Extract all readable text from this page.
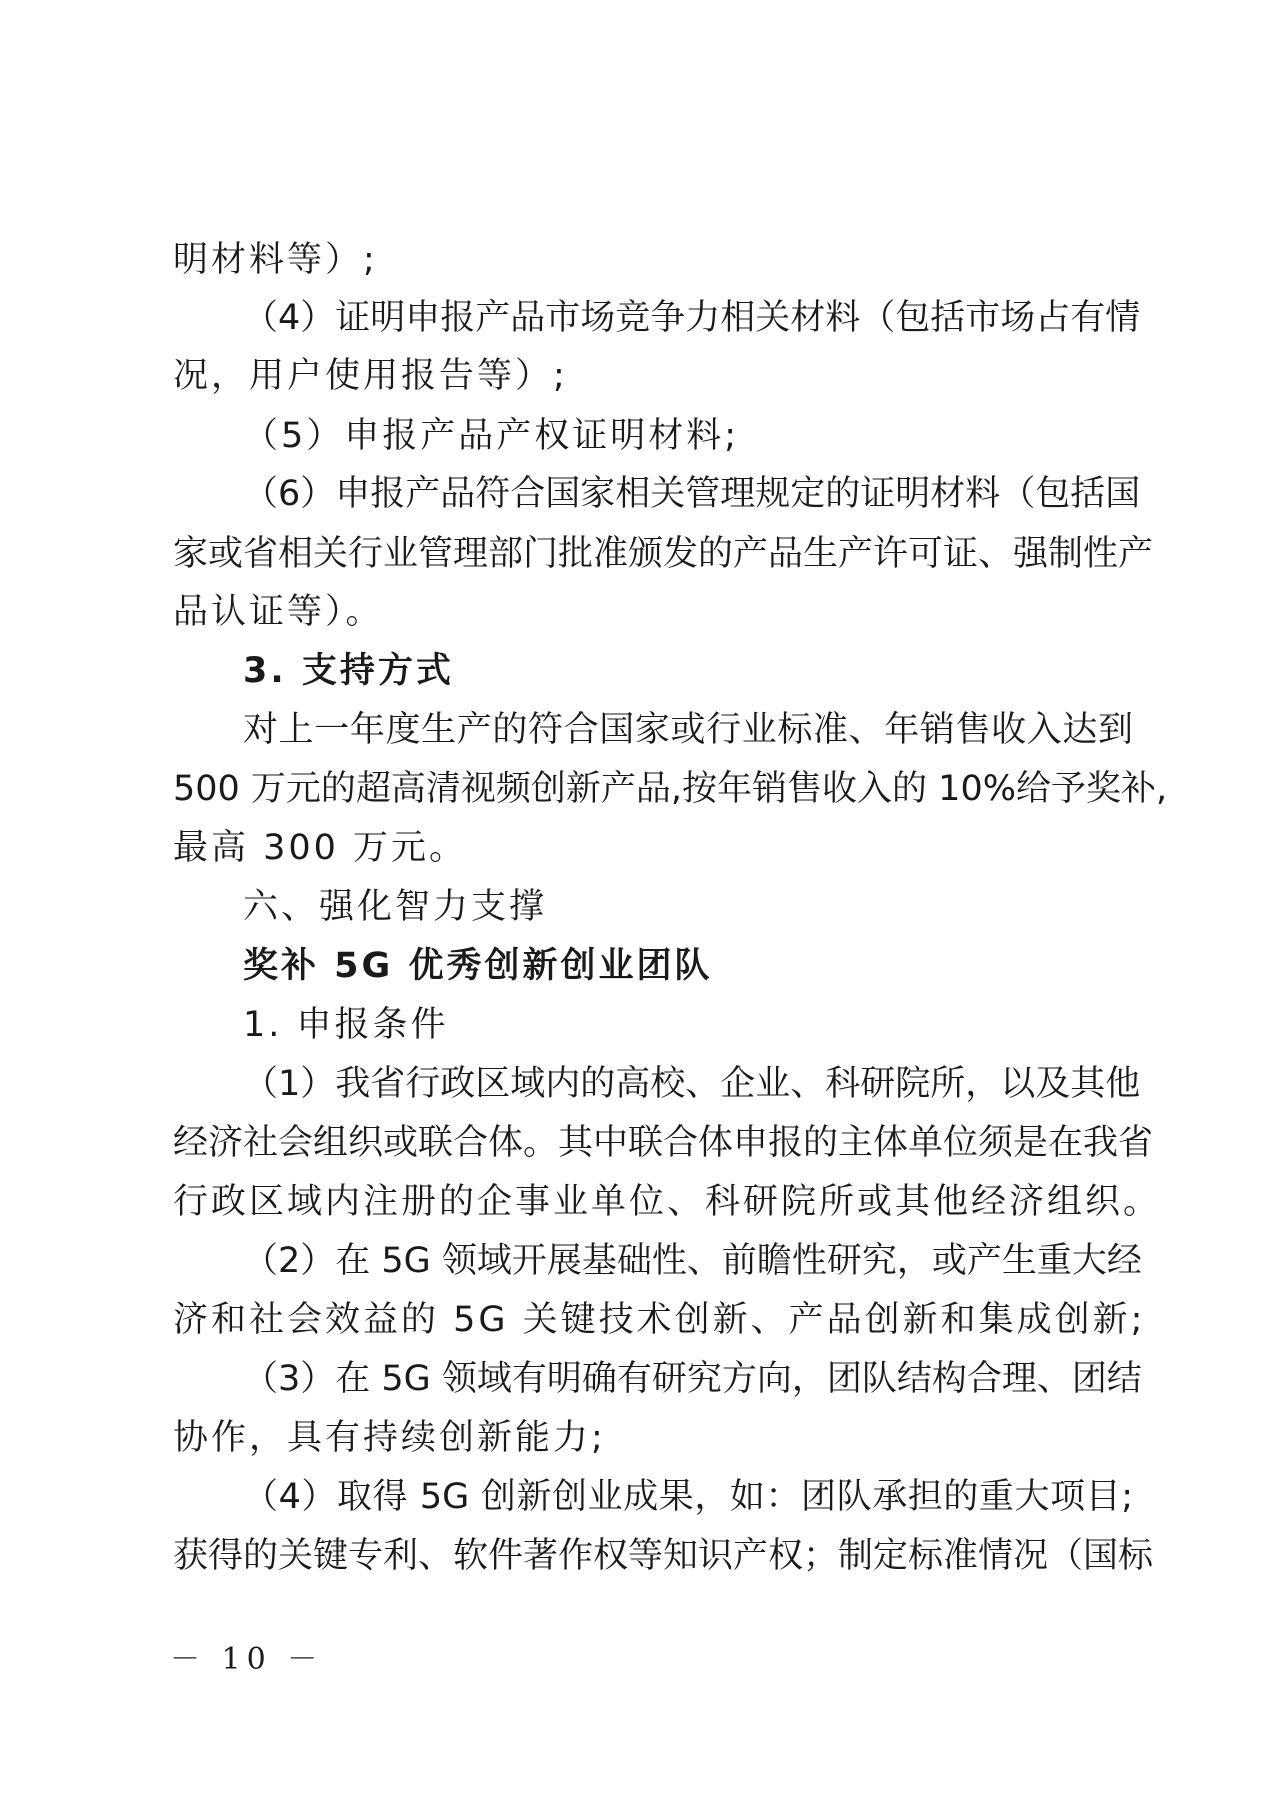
明材料等）;
（4）证明申报产品市场竞争力相关材料（包括市场占有情
况，用户使用报告等）;
（5）申报产品产权证明材料;
（6）申报产品符合国家相关管理规定的证明材料（包括国
家或省相关行业管理部门批准颁发的产品生产许可证、强制性产
品认证等）。
3. 支持方式
对上一年度生产的符合国家或行业标准、年销售收入达到
500 万元的超高清视频创新产品,按年销售收入的 10%给予奖补,
最高 300 万元。
六、强化智力支撑
奖补 5G 优秀创新创业团队
1. 申报条件
（1）我省行政区域内的高校、企业、科研院所，以及其他
经济社会组织或联合体。其中联合体申报的主体单位须是在我省
行政区域内注册的企事业单位、科研院所或其他经济组织。
（2）在 5G 领域开展基础性、前瞻性研究，或产生重大经
济和社会效益的 5G 关键技术创新、产品创新和集成创新;
（3）在 5G 领域有明确有研究方向，团队结构合理、团结
协作，具有持续创新能力;
（4）取得 5G 创新创业成果，如：团队承担的重大项目;
获得的关键专利、软件著作权等知识产权；制定标准情况（国标
－ 10 －
